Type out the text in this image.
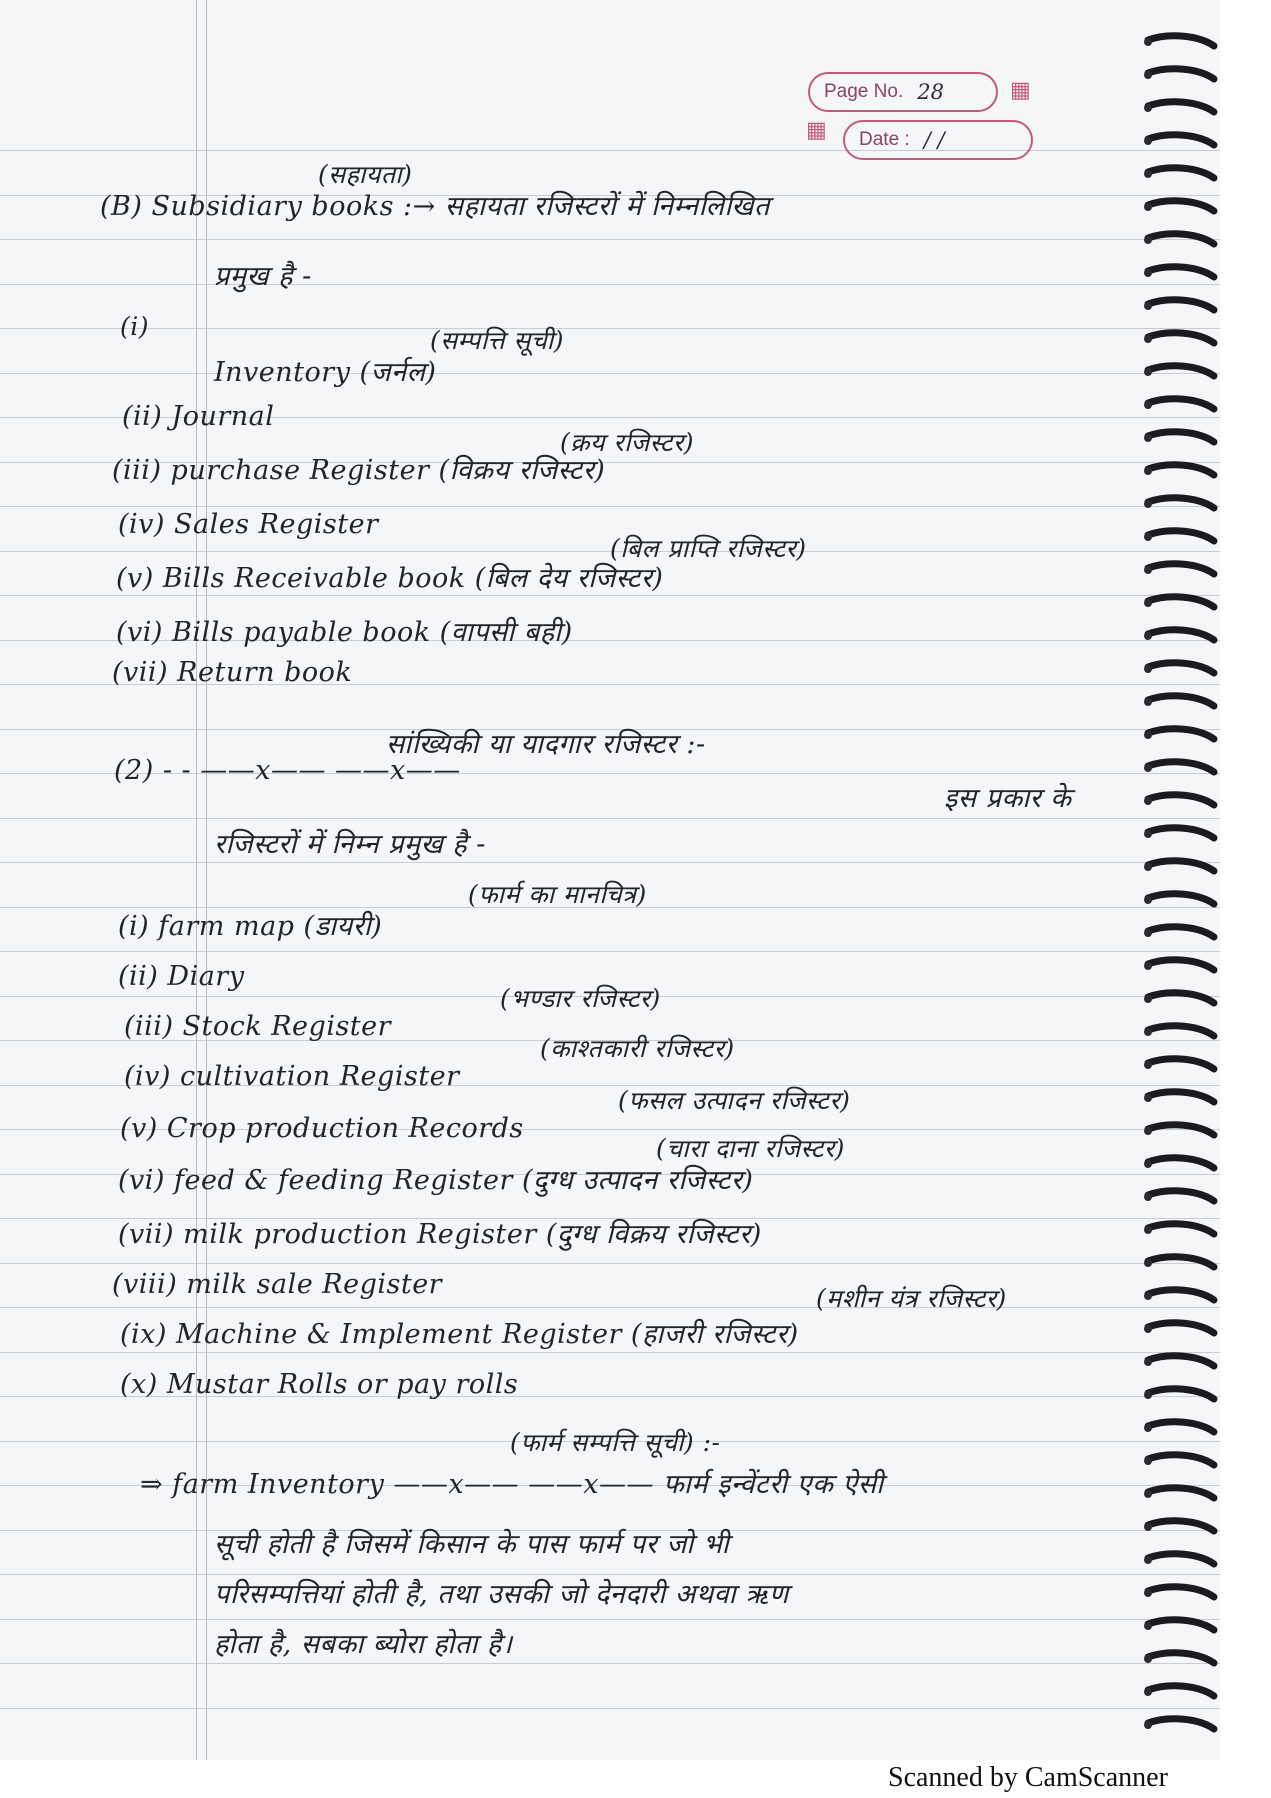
Page No. 28	▦
▦ Date : / /
(सहायता)
(B) Subsidiary books :→ सहायता रजिस्टरों में निम्नलिखित
प्रमुख है -
(i)	(सम्पत्ति सूची)
Inventory (जर्नल)
(ii) Journal
(क्रय रजिस्टर)
(iii) purchase Register (विक्रय रजिस्टर)
(iv) Sales Register
(बिल प्राप्ति रजिस्टर)
(v) Bills Receivable book (बिल देय रजिस्टर)
(vi) Bills payable book (वापसी बही)
(vii) Return book
सांख्यिकी या यादगार रजिस्टर :-
(2) - - ——x—— ——x——
इस प्रकार के
रजिस्टरों में निम्न प्रमुख है -
(फार्म का मानचित्र)
(i) farm map (डायरी)
(ii) Diary
(भण्डार रजिस्टर)
(iii) Stock Register
(काश्तकारी रजिस्टर)
(iv) cultivation Register
(फसल उत्पादन रजिस्टर)
(v) Crop production Records
(चारा दाना रजिस्टर)
(vi) feed & feeding Register (दुग्ध उत्पादन रजिस्टर)
(vii) milk production Register (दुग्ध विक्रय रजिस्टर)
(viii) milk sale Register	(मशीन यंत्र रजिस्टर)
(ix) Machine & Implement Register (हाजरी रजिस्टर)
(x) Mustar Rolls or pay rolls
(फार्म सम्पत्ति सूची) :-
⇒ farm Inventory ——x—— ——x—— फार्म इन्वेंटरी एक ऐसी
सूची होती है जिसमें किसान के पास फार्म पर जो भी
परिसम्पत्तियां होती है, तथा उसकी जो देनदारी अथवा ऋण
होता है, सबका ब्योरा होता है।
Scanned by CamScanner
